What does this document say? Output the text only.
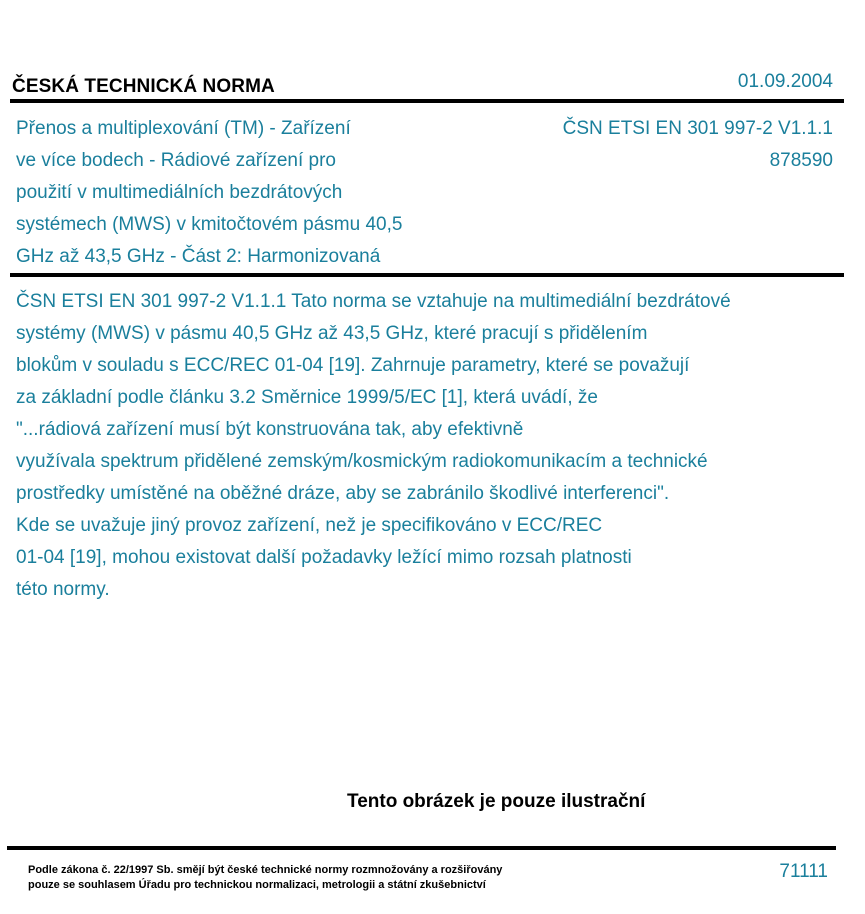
ČESKÁ TECHNICKÁ NORMA	01.09.2004
Přenos a multiplexování (TM) - Zařízení
ve více bodech - Rádiové zařízení pro
použití v multimediálních bezdrátových
systémech (MWS) v kmitočtovém pásmu 40,5
GHz až 43,5 GHz - Část 2: Harmonizovaná
ČSN ETSI EN 301 997-2 V1.1.1
878590
ČSN ETSI EN 301 997-2 V1.1.1 Tato norma se vztahuje na multimediální bezdrátové
systémy (MWS) v pásmu 40,5 GHz až 43,5 GHz, které pracují s přidělením
blokům v souladu s ECC/REC 01-04 [19]. Zahrnuje parametry, které se považují
za základní podle článku 3.2 Směrnice 1999/5/EC [1], která uvádí, že
"...rádiová zařízení musí být konstruována tak, aby efektivně
využívala spektrum přidělené zemským/kosmickým radiokomunikacím a technické
prostředky umístěné na oběžné dráze, aby se zabránilo škodlivé interferenci".
Kde se uvažuje jiný provoz zařízení, než je specifikováno v ECC/REC
01-04 [19], mohou existovat další požadavky ležící mimo rozsah platnosti
této normy.
Tento obrázek je pouze ilustrační
Podle zákona č. 22/1997 Sb. smějí být české technické normy rozmnožovány a rozšiřovány
pouze se souhlasem Úřadu pro technickou normalizaci, metrologii a státní zkušebnictví
71111
